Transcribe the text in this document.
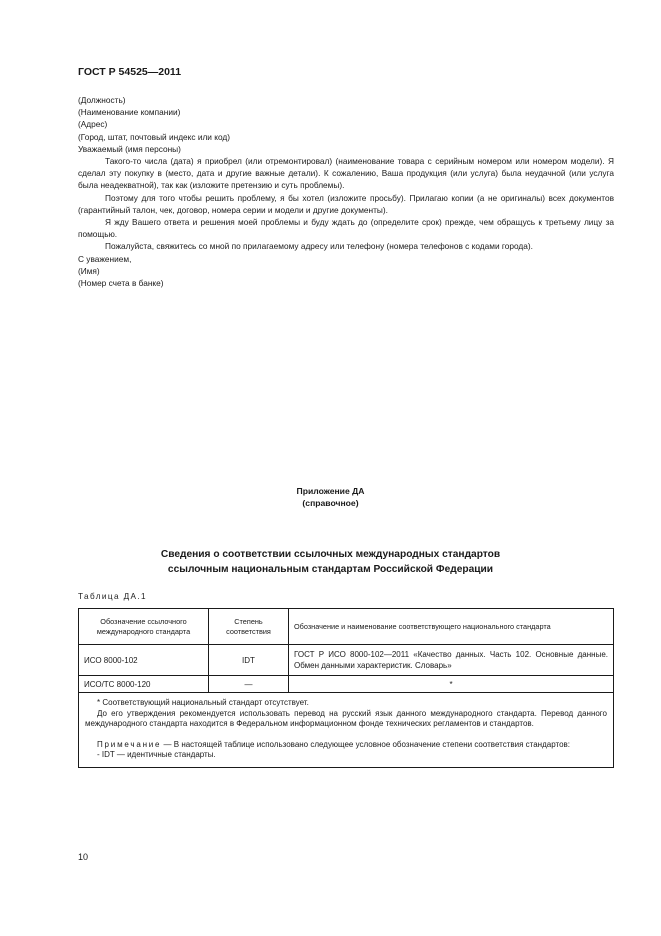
ГОСТ Р 54525—2011

(Должность)

(Наименование компании)

(Адрес)

(Город, штат, почтовый индекс или код)

Уважаемый (имя персоны)

Такого-то числа (дата) я приобрел (или отремонтировал) (наименование товара с серийным номером или номером модели). Я сделал эту покупку в (место, дата и другие важные детали). К сожалению, Ваша продукция (или услуга) была неудачной (или услуга была неадекватной), так как (изложите претензию и суть проблемы).

Поэтому для того чтобы решить проблему, я бы хотел (изложите просьбу). Прилагаю копии (а не оригиналы) всех документов (гарантийный талон, чек, договор, номера серии и модели и другие документы).

Я жду Вашего ответа и решения моей проблемы и буду ждать до (определите срок) прежде, чем обращусь к третьему лицу за помощью.

Пожалуйста, свяжитесь со мной по прилагаемому адресу или телефону (номера телефонов с кодами города).

С уважением,

(Имя)

(Номер счета в банке)

Приложение ДА
(справочное)
Сведения о соответствии ссылочных международных стандартов
ссылочным национальным стандартам Российской Федерации
Таблица ДА.1
Обозначение ссылочного международного стандарта	Степень соответствия	Обозначение и наименование соответствующего национального стандарта
ИСО 8000-102	IDT	ГОСТ Р ИСО 8000-102—2011 «Качество данных. Часть 102. Основные данные. Обмен данными характеристик. Словарь»
ИСО/ТС 8000-120	—	*

* Соответствующий национальный стандарт отсутствует.

До его утверждения рекомендуется использовать перевод на русский язык данного международного стандарта. Перевод данного международного стандарта находится в Федеральном информационном фонде технических регламентов и стандартов.

Примечание — В настоящей таблице использовано следующее условное обозначение степени соответствия стандартов:

- IDT — идентичные стандарты.		

10
